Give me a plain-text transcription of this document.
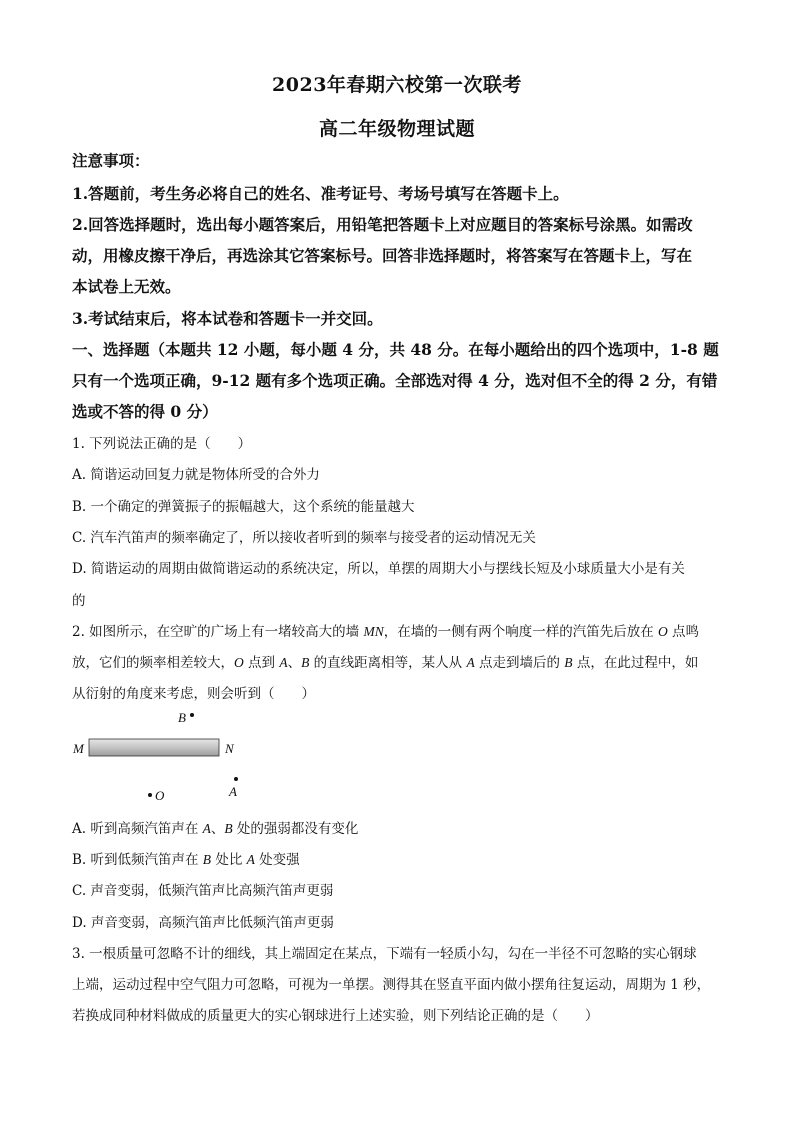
2023年春期六校第一次联考
高二年级物理试题
注意事项：
1.答题前，考生务必将自己的姓名、准考证号、考场号填写在答题卡上。
2.回答选择题时，选出每小题答案后，用铅笔把答题卡上对应题目的答案标号涂黑。如需改
动，用橡皮擦干净后，再选涂其它答案标号。回答非选择题时，将答案写在答题卡上，写在
本试卷上无效。
3.考试结束后，将本试卷和答题卡一并交回。
一、选择题（本题共 12 小题，每小题 4 分，共 48 分。在每小题给出的四个选项中，1-8 题
只有一个选项正确，9-12 题有多个选项正确。全部选对得 4 分，选对但不全的得 2 分，有错
选或不答的得 0 分）
1. 下列说法正确的是（　　）
A. 简谐运动回复力就是物体所受的合外力
B. 一个确定的弹簧振子的振幅越大，这个系统的能量越大
C. 汽车汽笛声的频率确定了，所以接收者听到的频率与接受者的运动情况无关
D. 简谐运动的周期由做简谐运动的系统决定，所以，单摆的周期大小与摆线长短及小球质量大小是有关
的
2. 如图所示，在空旷的广场上有一堵较高大的墙 MN，在墙的一侧有两个响度一样的汽笛先后放在 O 点鸣
放，它们的频率相差较大，O 点到 A、B 的直线距离相等，某人从 A 点走到墙后的 B 点，在此过程中，如
从衍射的角度来考虑，则会听到（　　）
B
M	N
A
O
A. 听到高频汽笛声在 A、B 处的强弱都没有变化
B. 听到低频汽笛声在 B 处比 A 处变强
C. 声音变弱，低频汽笛声比高频汽笛声更弱
D. 声音变弱，高频汽笛声比低频汽笛声更弱
3. 一根质量可忽略不计的细线，其上端固定在某点，下端有一轻质小勾，勾在一半径不可忽略的实心钢球
上端，运动过程中空气阻力可忽略，可视为一单摆。测得其在竖直平面内做小摆角往复运动，周期为 1 秒，
若换成同种材料做成的质量更大的实心钢球进行上述实验，则下列结论正确的是（　　）
